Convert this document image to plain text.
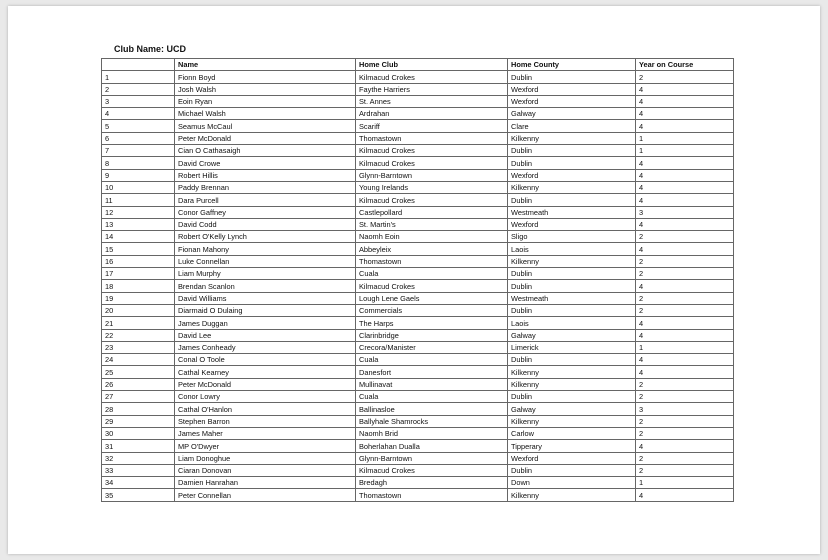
Club Name: UCD
	Name	Home Club	Home County	Year on Course
1	Fionn Boyd	Kilmacud Crokes	Dublin	2
2	Josh Walsh	Faythe Harriers	Wexford	4
3	Eoin Ryan	St. Annes	Wexford	4
4	Michael Walsh	Ardrahan	Galway	4
5	Seamus McCaul	Scariff	Clare	4
6	Peter McDonald	Thomastown	Kilkenny	1
7	Cian O Cathasaigh	Kilmacud Crokes	Dublin	1
8	David Crowe	Kilmacud Crokes	Dublin	4
9	Robert Hillis	Glynn-Barntown	Wexford	4
10	Paddy Brennan	Young Irelands	Kilkenny	4
11	Dara Purcell	Kilmacud Crokes	Dublin	4
12	Conor Gaffney	Castlepollard	Westmeath	3
13	David Codd	St. Martin's	Wexford	4
14	Robert O'Kelly Lynch	Naomh Eoin	Sligo	2
15	Fionan Mahony	Abbeyleix	Laois	4
16	Luke Connellan	Thomastown	Kilkenny	2
17	Liam Murphy	Cuala	Dublin	2
18	Brendan Scanlon	Kilmacud Crokes	Dublin	4
19	David Williams	Lough Lene Gaels	Westmeath	2
20	Diarmaid O Dulaing	Commercials	Dublin	2
21	James Duggan	The Harps	Laois	4
22	David Lee	Clarinbridge	Galway	4
23	James Conheady	Crecora/Manister	Limerick	1
24	Conal O Toole	Cuala	Dublin	4
25	Cathal Kearney	Danesfort	Kilkenny	4
26	Peter McDonald	Mullinavat	Kilkenny	2
27	Conor Lowry	Cuala	Dublin	2
28	Cathal O'Hanlon	Ballinasloe	Galway	3
29	Stephen Barron	Ballyhale Shamrocks	Kilkenny	2
30	James Maher	Naomh Brid	Carlow	2
31	MP O'Dwyer	Boherlahan Dualla	Tipperary	4
32	Liam Donoghue	Glynn-Barntown	Wexford	2
33	Ciaran Donovan	Kilmacud Crokes	Dublin	2
34	Damien Hanrahan	Bredagh	Down	1
35	Peter Connellan	Thomastown	Kilkenny	4
